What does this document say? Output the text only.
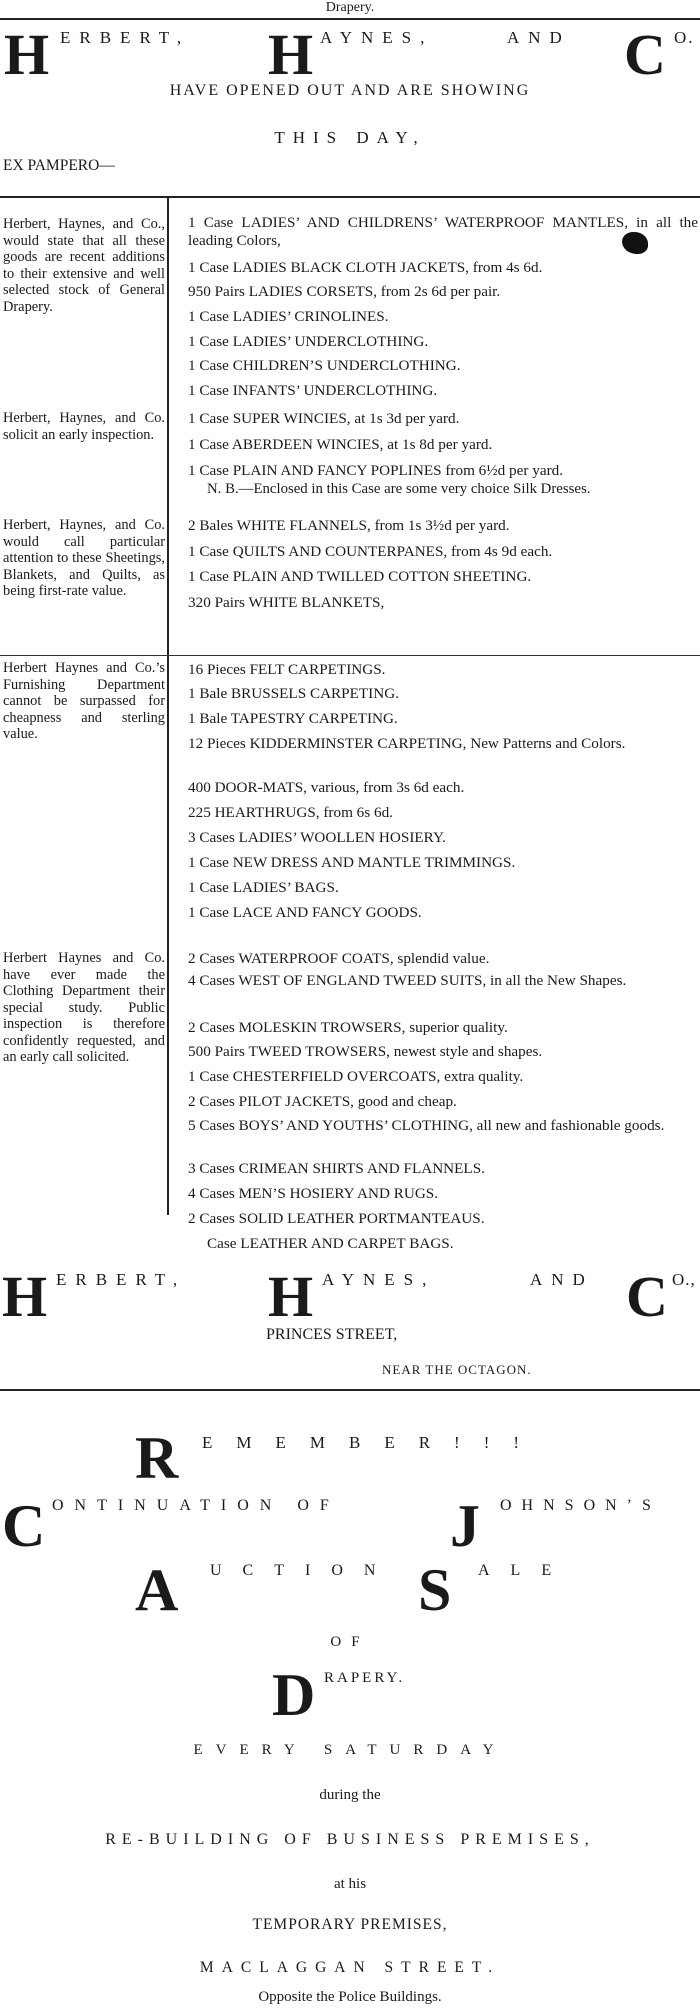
Drapery.
H ERBERT, H AYNES,	AND C O.
HAVE OPENED OUT AND ARE SHOWING
THIS DAY,
EX PAMPERO—
Herbert, Haynes, and Co., would state that all these goods are recent additions to their extensive and well selected stock of General Drapery.
1 Case LADIES’ AND CHILDRENS’ WATERPROOF MANTLES, in all the leading Colors,
1 Case LADIES BLACK CLOTH JACKETS, from 4s 6d.
950 Pairs LADIES CORSETS, from 2s 6d per pair.
1 Case LADIES’ CRINOLINES.
1 Case LADIES’ UNDERCLOTHING.
1 Case CHILDREN’S UNDERCLOTHING.
1 Case INFANTS’ UNDERCLOTHING.
Herbert, Haynes, and Co. solicit an early inspection.
1 Case SUPER WINCIES, at 1s 3d per yard.
1 Case ABERDEEN WINCIES, at 1s 8d per yard.
1 Case PLAIN AND FANCY POPLINES from 6½d per yard.
N. B.—Enclosed in this Case are some very choice Silk Dresses.
Herbert, Haynes, and Co. would call particular attention to these Sheetings, Blankets, and Quilts, as being first-rate value.
2 Bales WHITE FLANNELS, from 1s 3½d per yard.
1 Case QUILTS AND COUNTERPANES, from 4s 9d each.
1 Case PLAIN AND TWILLED COTTON SHEETING.
320 Pairs WHITE BLANKETS,
Herbert Haynes and Co.’s Furnishing Department cannot be surpassed for cheapness and sterling value.
16 Pieces FELT CARPETINGS.
1 Bale BRUSSELS CARPETING.
1 Bale TAPESTRY CARPETING.
12 Pieces KIDDERMINSTER CARPETING, New Patterns and Colors.
400 DOOR-MATS, various, from 3s 6d each.
225 HEARTHRUGS, from 6s 6d.
3 Cases LADIES’ WOOLLEN HOSIERY.
1 Case NEW DRESS AND MANTLE TRIMMINGS.
1 Case LADIES’ BAGS.
1 Case LACE AND FANCY GOODS.
Herbert Haynes and Co. have ever made the Clothing Department their special study. Public inspection is therefore confidently requested, and an early call solicited.
2 Cases WATERPROOF COATS, splendid value.
4 Cases WEST OF ENGLAND TWEED SUITS, in all the New Shapes.
2 Cases MOLESKIN TROWSERS, superior quality.
500 Pairs TWEED TROWSERS, newest style and shapes.
1 Case CHESTERFIELD OVERCOATS, extra quality.
2 Cases PILOT JACKETS, good and cheap.
5 Cases BOYS’ AND YOUTHS’ CLOTHING, all new and fashionable goods.
3 Cases CRIMEAN SHIRTS AND FLANNELS.
4 Cases MEN’S HOSIERY AND RUGS.
2 Cases SOLID LEATHER PORTMANTEAUS.
Case LEATHER AND CARPET BAGS.
H ERBERT, H AYNES,	AND C O.,
PRINCES STREET,
NEAR THE OCTAGON.
R EMEMBER!!!
C ONTINUATION OF J OHNSON’S
A UCTION S ALE
OF
D RAPERY.
EVERY SATURDAY
during the
RE-BUILDING OF BUSINESS PREMISES,
at his
TEMPORARY PREMISES,
MACLAGGAN STREET.
Opposite the Police Buildings.
